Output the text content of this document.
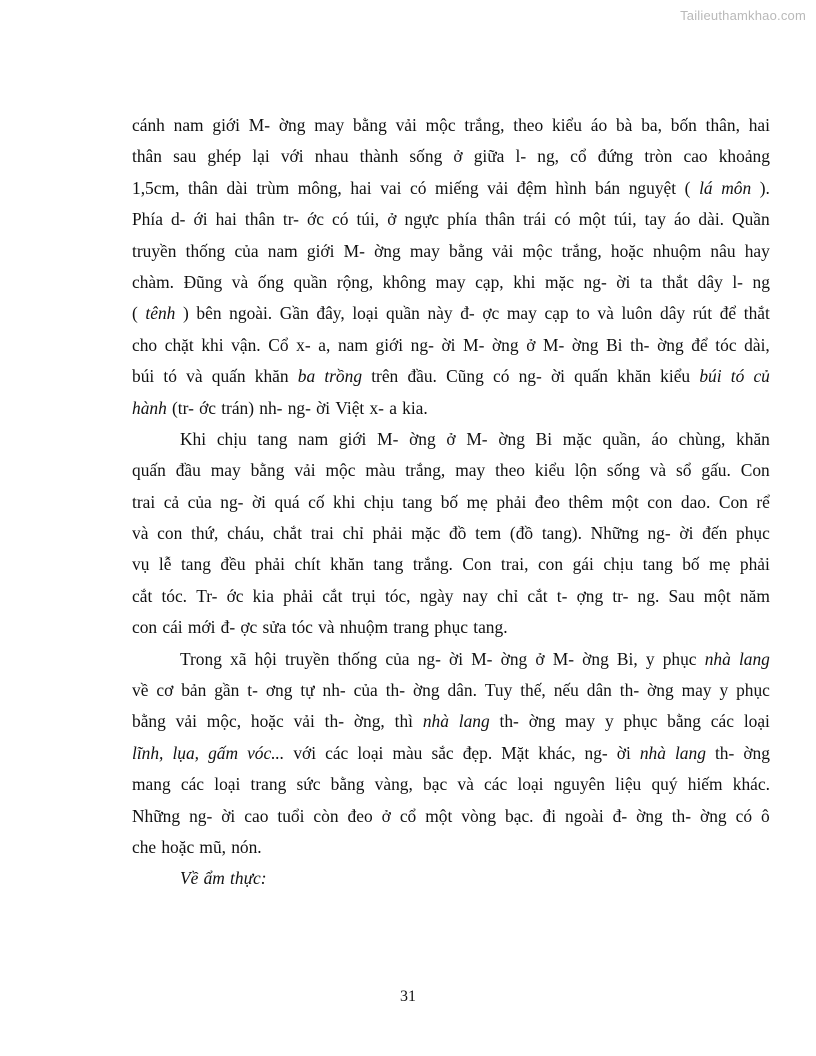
Tailieuthamkhao.com
cánh nam giới M- ờng may bằng vải mộc trắng, theo kiểu áo bà ba, bốn thân, hai
thân sau ghép lại với nhau thành sống ở giữa l- ng, cổ đứng tròn cao khoảng
1,5cm, thân dài trùm mông, hai vai có miếng vải đệm hình bán nguyệt ( lá môn ).
Phía d- ới hai thân tr- ớc có túi, ở ngực phía thân trái có một túi, tay áo dài. Quần
truyền thống của nam giới M- ờng may bằng vải mộc trắng, hoặc nhuộm nâu hay
chàm. Đũng và ống quần rộng, không may cạp, khi mặc ng- ời ta thắt dây l- ng
( tênh ) bên ngoài. Gần đây, loại quần này đ- ợc may cạp to và luôn dây rút để thắt
cho chặt khi vận. Cổ x- a, nam giới ng- ời M- ờng ở M- ờng Bi th- ờng để tóc dài,
búi tó và quấn khăn ba trồng trên đầu. Cũng có ng- ời quấn khăn kiểu búi tó củ
hành (tr- ớc trán) nh- ng- ời Việt x- a kia.
Khi chịu tang nam giới M- ờng ở M- ờng Bi mặc quần, áo chùng, khăn
quấn đầu may bằng vải mộc màu trắng, may theo kiểu lộn sống và sổ gấu. Con
trai cả của ng- ời quá cố khi chịu tang bố mẹ phải đeo thêm một con dao. Con rể
và con thứ, cháu, chắt trai chỉ phải mặc đồ tem (đồ tang). Những ng- ời đến phục
vụ lễ tang đều phải chít khăn tang trắng. Con trai, con gái chịu tang bố mẹ phải
cắt tóc. Tr- ớc kia phải cắt trụi tóc, ngày nay chỉ cắt t- ợng tr- ng. Sau một năm
con cái mới đ- ợc sửa tóc và nhuộm trang phục tang.
Trong xã hội truyền thống của ng- ời M- ờng ở M- ờng Bi, y phục nhà lang
về cơ bản gần t- ơng tự nh- của th- ờng dân. Tuy thế, nếu dân th- ờng may y phục
bằng vải mộc, hoặc vải th- ờng, thì nhà lang th- ờng may y phục bằng các loại
lĩnh, lụa, gấm vóc... với các loại màu sắc đẹp. Mặt khác, ng- ời nhà lang th- ờng
mang các loại trang sức bằng vàng, bạc và các loại nguyên liệu quý hiếm khác.
Những ng- ời cao tuổi còn đeo ở cổ một vòng bạc. đi ngoài đ- ờng th- ờng có ô
che hoặc mũ, nón.
Về ẩm thực:
31
